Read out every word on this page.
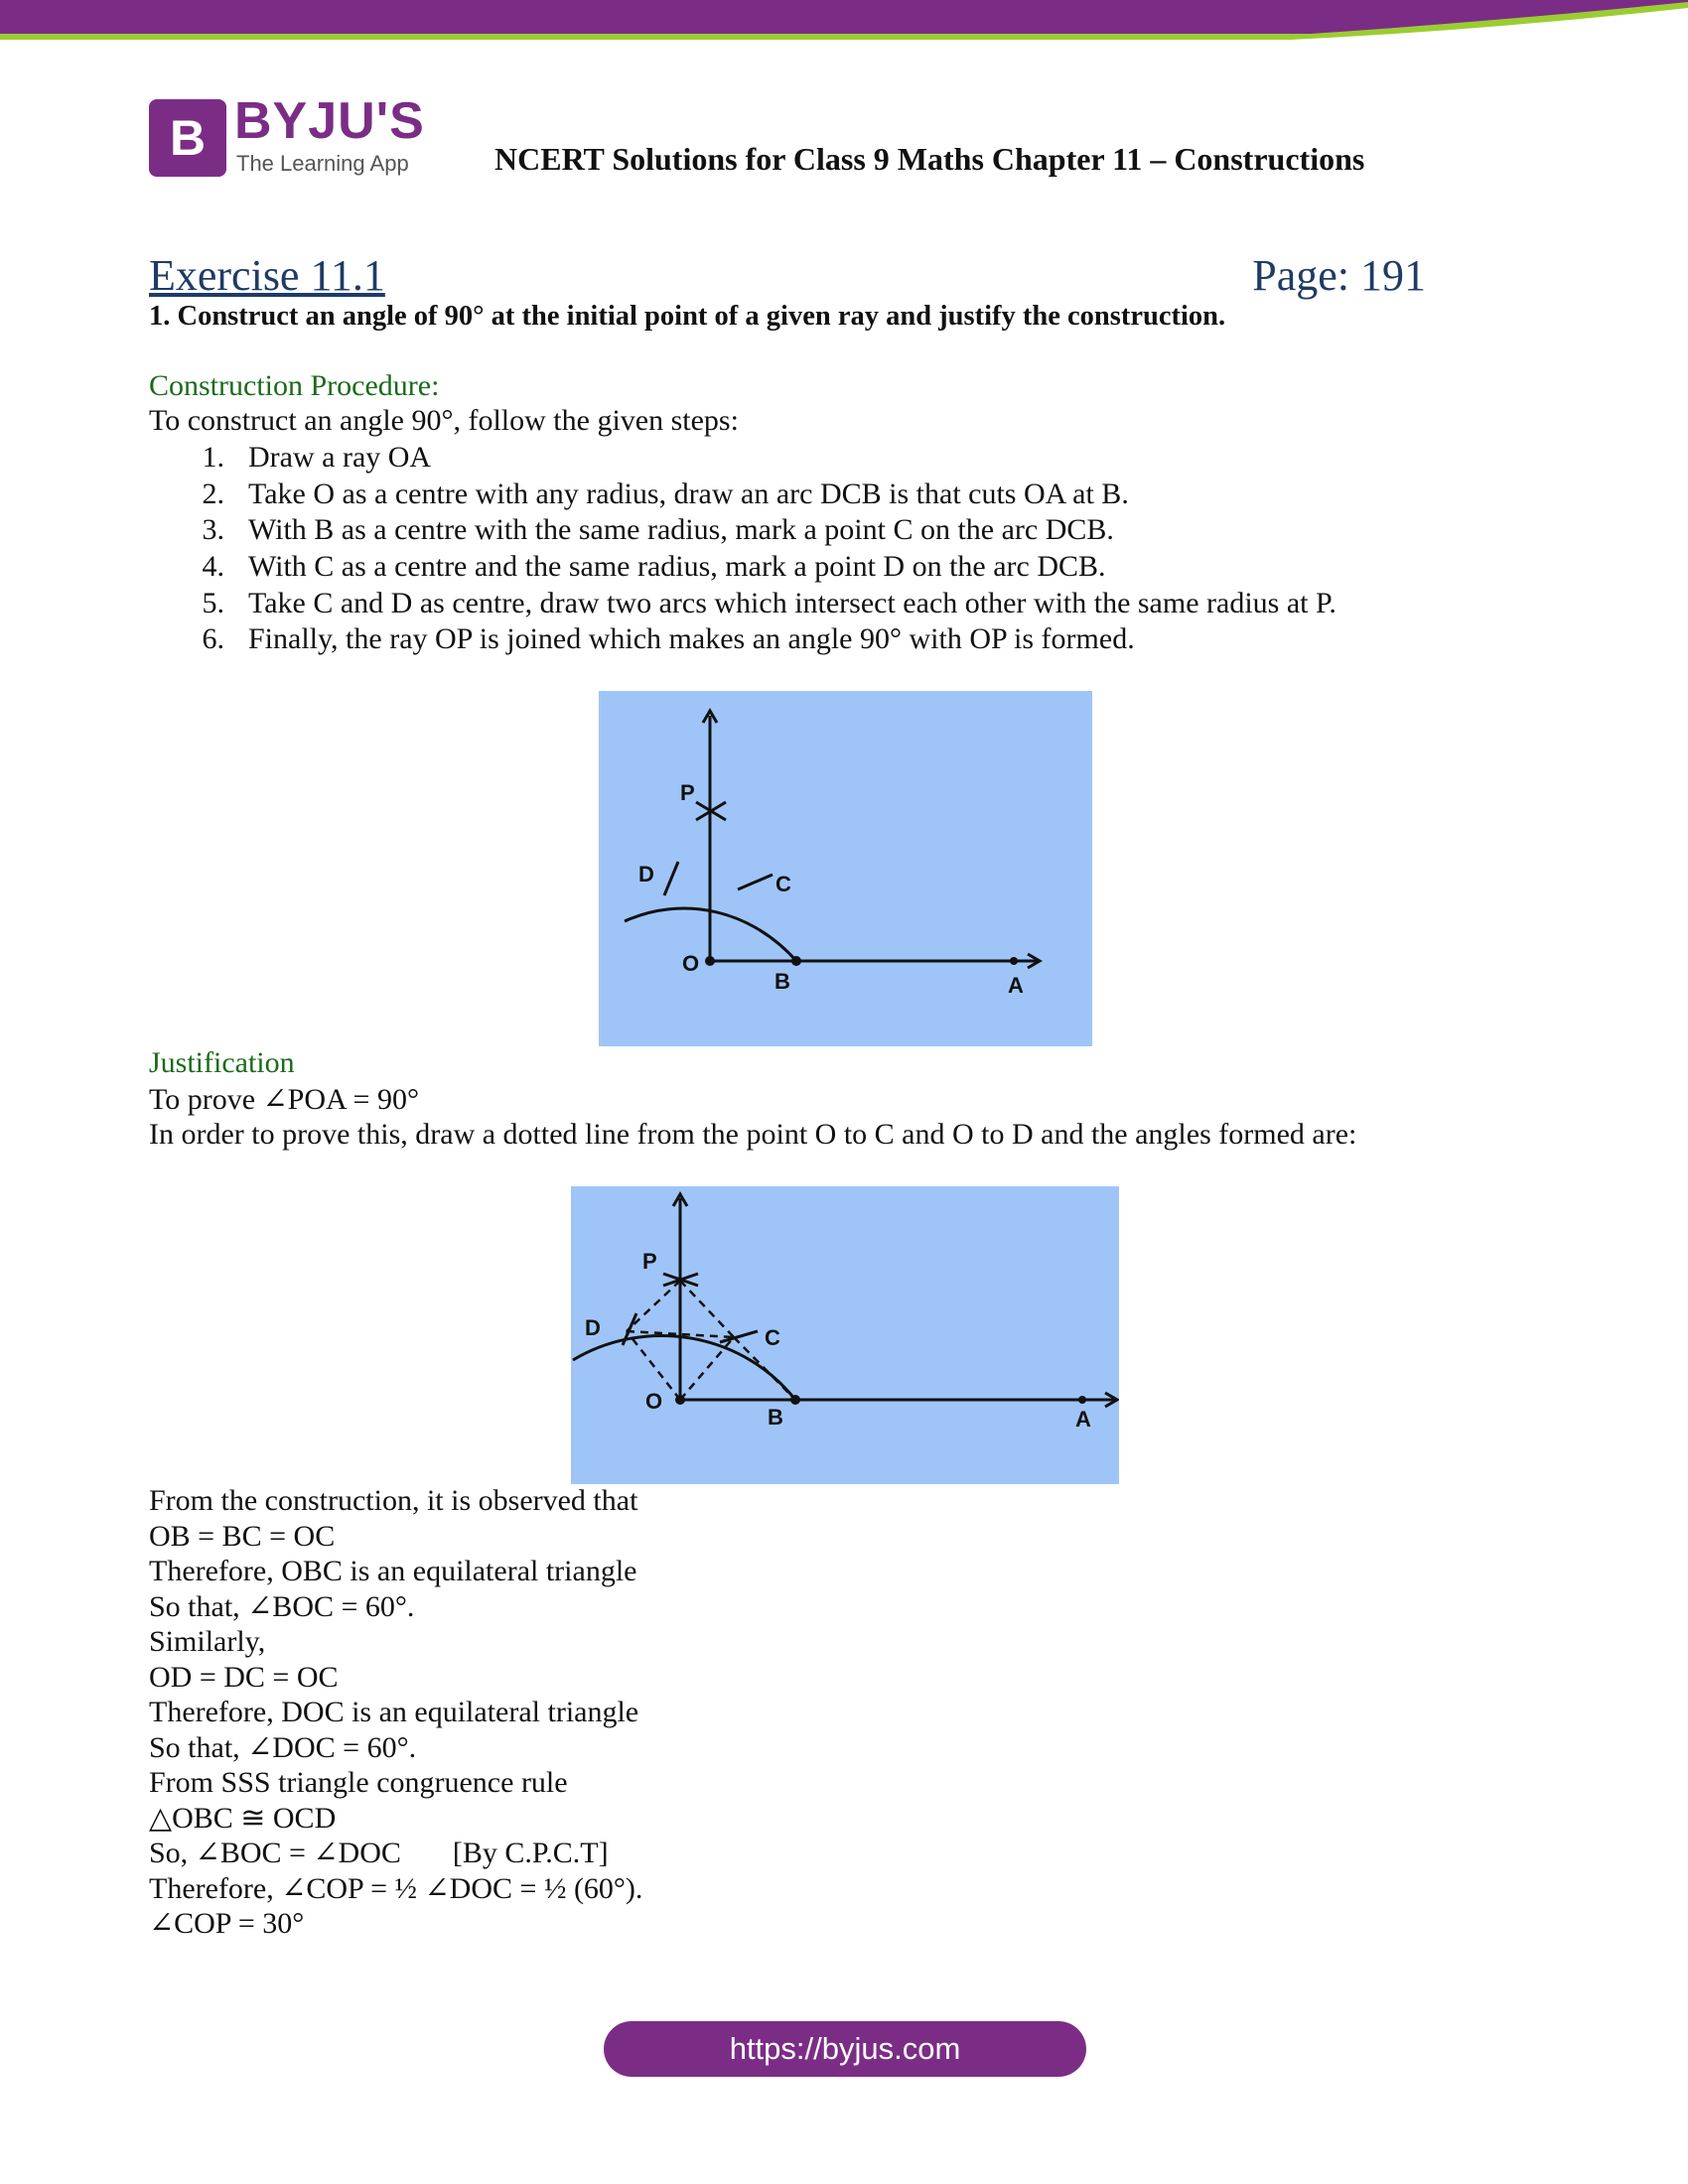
B BYJU'S
The Learning App	NCERT Solutions for Class 9 Maths Chapter 11 – Constructions
Exercise 11.1	Page: 191
1. Construct an angle of 90° at the initial point of a given ray and justify the construction.
Construction Procedure:
To construct an angle 90°, follow the given steps:
1. Draw a ray OA
2. Take O as a centre with any radius, draw an arc DCB is that cuts OA at B.
3. With B as a centre with the same radius, mark a point C on the arc DCB.
4. With C as a centre and the same radius, mark a point D on the arc DCB.
5. Take C and D as centre, draw two arcs which intersect each other with the same radius at P.
6. Finally, the ray OP is joined which makes an angle 90° with OP is formed.
P
D	C
O
B	A
Justification
To prove ∠POA = 90°
In order to prove this, draw a dotted line from the point O to C and O to D and the angles formed are:
P
D	C
O
B	A
From the construction, it is observed that
OB = BC = OC
Therefore, OBC is an equilateral triangle
So that, ∠BOC = 60°.
Similarly,
OD = DC = OC
Therefore, DOC is an equilateral triangle
So that, ∠DOC = 60°.
From SSS triangle congruence rule
△OBC ≅ OCD
So, ∠BOC = ∠DOC [By C.P.C.T]
Therefore, ∠COP = ½ ∠DOC = ½ (60°).
∠COP = 30°
https://byjus.com
